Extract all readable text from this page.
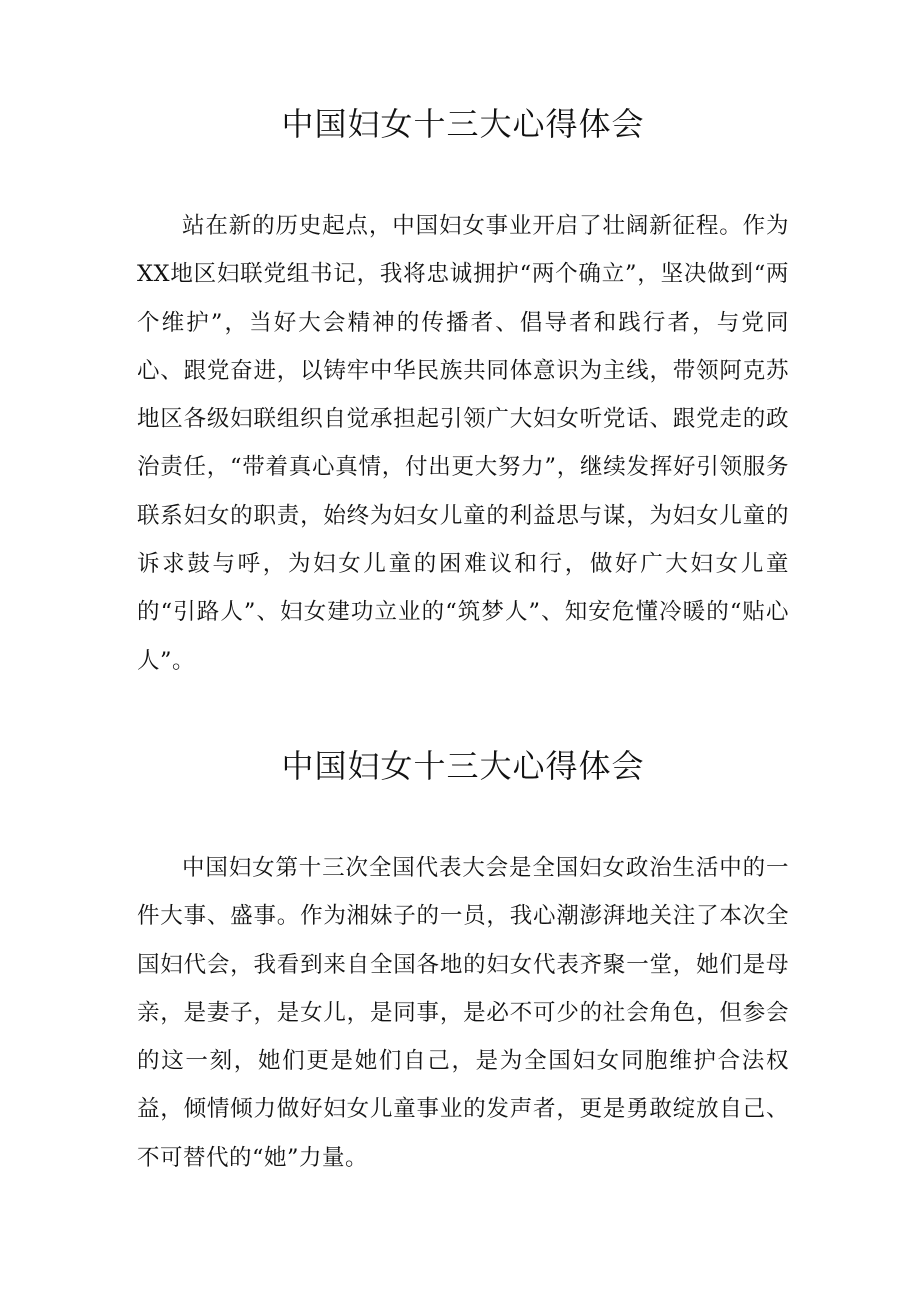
中国妇女十三大心得体会

站在新的历史起点，中国妇女事业开启了壮阔新征程。作为XX地区妇联党组书记，我将忠诚拥护“两个确立”，坚决做到“两个维护”，当好大会精神的传播者、倡导者和践行者，与党同心、跟党奋进，以铸牢中华民族共同体意识为主线，带领阿克苏地区各级妇联组织自觉承担起引领广大妇女听党话、跟党走的政治责任，“带着真心真情，付出更大努力”，继续发挥好引领服务联系妇女的职责，始终为妇女儿童的利益思与谋，为妇女儿童的诉求鼓与呼，为妇女儿童的困难议和行，做好广大妇女儿童的“引路人”、妇女建功立业的“筑梦人”、知安危懂冷暖的“贴心人”。

中国妇女十三大心得体会

中国妇女第十三次全国代表大会是全国妇女政治生活中的一件大事、盛事。作为湘妹子的一员，我心潮澎湃地关注了本次全国妇代会，我看到来自全国各地的妇女代表齐聚一堂，她们是母亲，是妻子，是女儿，是同事，是必不可少的社会角色，但参会的这一刻，她们更是她们自己，是为全国妇女同胞维护合法权益，倾情倾力做好妇女儿童事业的发声者，更是勇敢绽放自己、不可替代的“她”力量。
